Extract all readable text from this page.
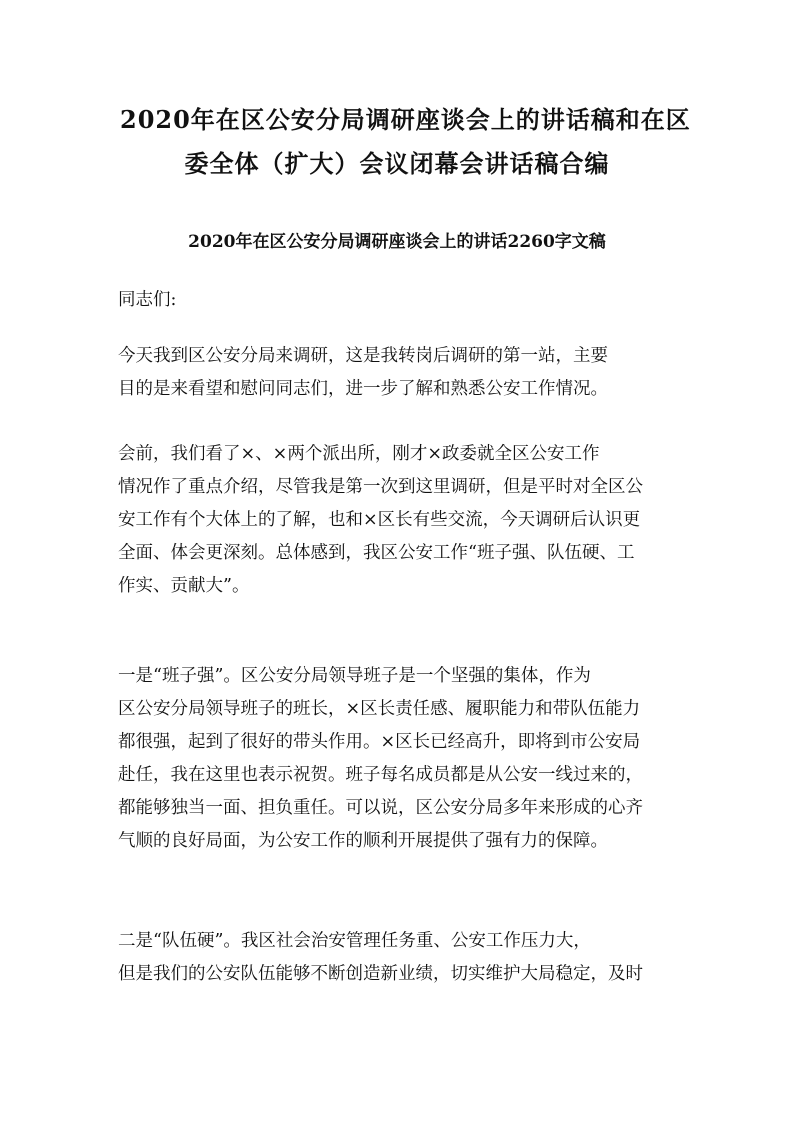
2020年在区公安分局调研座谈会上的讲话稿和在区
委全体（扩大）会议闭幕会讲话稿合编
2020年在区公安分局调研座谈会上的讲话2260字文稿

同志们:

今天我到区公安分局来调研，这是我转岗后调研的第一站，主要
目的是来看望和慰问同志们，进一步了解和熟悉公安工作情况。

会前，我们看了×、×两个派出所，刚才×政委就全区公安工作
情况作了重点介绍，尽管我是第一次到这里调研，但是平时对全区公
安工作有个大体上的了解，也和×区长有些交流，今天调研后认识更
全面、体会更深刻。总体感到，我区公安工作“班子强、队伍硬、工
作实、贡献大”。

一是“班子强”。区公安分局领导班子是一个坚强的集体，作为
区公安分局领导班子的班长，×区长责任感、履职能力和带队伍能力
都很强，起到了很好的带头作用。×区长已经高升，即将到市公安局
赴任，我在这里也表示祝贺。班子每名成员都是从公安一线过来的，
都能够独当一面、担负重任。可以说，区公安分局多年来形成的心齐
气顺的良好局面，为公安工作的顺利开展提供了强有力的保障。

二是“队伍硬”。我区社会治安管理任务重、公安工作压力大，
但是我们的公安队伍能够不断创造新业绩，切实维护大局稳定，及时
